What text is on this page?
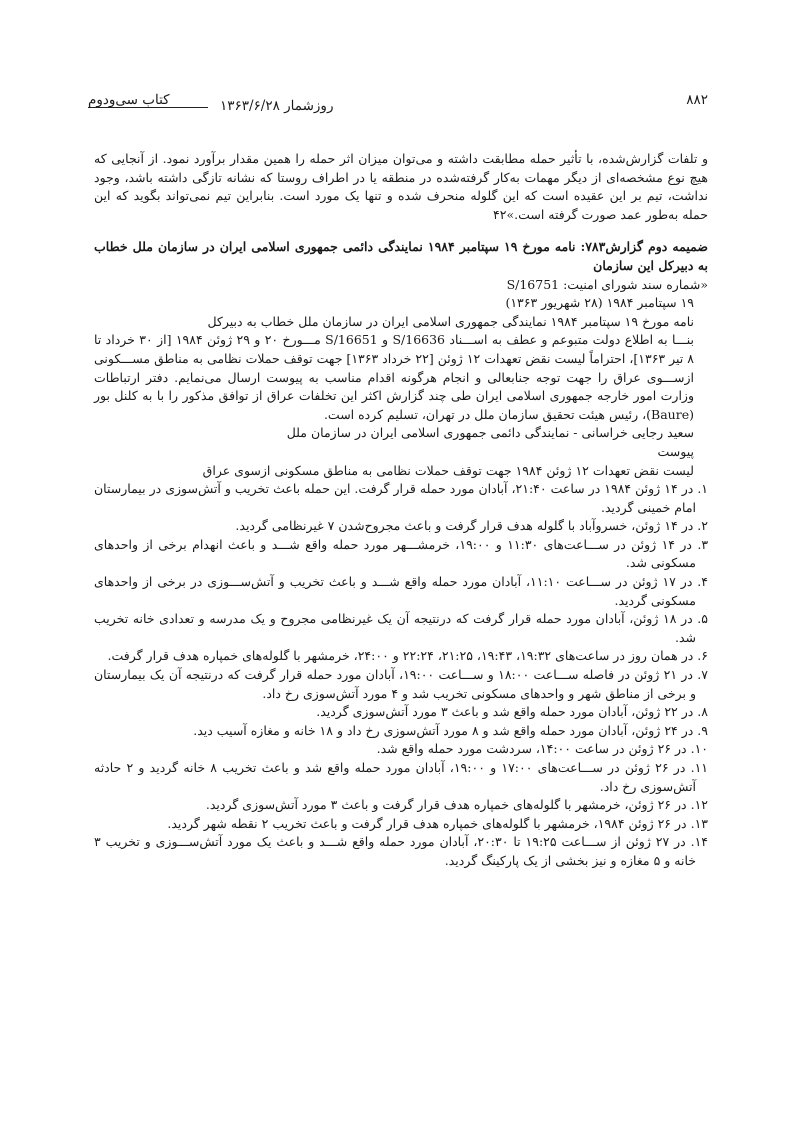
۸۸۲
روزشمار ۱۳۶۳/۶/۲۸
کتاب سی‌ودوم

و تلفات گزارش‌شده، با تأثیر حمله مطابقت داشته و می‌توان میزان اثر حمله را همین مقدار برآورد نمود. از آنجایی که هیچ نوع مشخصه‌ای از دیگر مهمات به‌کار گرفته‌شده در منطقه یا در اطراف روستا که نشانه تازگی داشته باشد، وجود نداشت، تیم بر این عقیده است که این گلوله منحرف شده و تنها یک مورد است. بنابراین تیم نمی‌تواند بگوید که این حمله به‌طور عمد صورت گرفته است.»۴۲

ضمیمه دوم گزارش۷۸۳: نامه مورخ ۱۹ سپتامبر ۱۹۸۴ نمایندگی دائمی جمهوری اسلامی ایران در سازمان ملل خطاب به دبیرکل این سازمان

«شماره سند شورای امنیت: S/16751

۱۹ سپتامبر ۱۹۸۴ (۲۸ شهریور ۱۳۶۳)

نامه مورخ ۱۹ سپتامبر ۱۹۸۴ نمایندگی جمهوری اسلامی ایران در سازمان ملل خطاب به دبیرکل

بنـــا به اطلاع دولت متبوعم و عطف به اســـناد S/16636 و S/16651 مـــورخ ۲۰ و ۲۹ ژوئن ۱۹۸۴ [از ۳۰ خرداد تا ۸ تیر ۱۳۶۳]، احتراماً لیست نقض تعهدات ۱۲ ژوئن [۲۲ خرداد ۱۳۶۳] جهت توقف حملات نظامی به مناطق مســـکونی ازســـوی عراق را جهت توجه جنابعالی و انجام هرگونه اقدام مناسب به پیوست ارسال می‌نمایم. دفتر ارتباطات وزارت امور خارجه جمهوری اسلامی ایران طی چند گزارش اکثر این تخلفات عراق از توافق مذکور را با به کلنل بور (Baure)، رئیس هیئت تحقیق سازمان ملل در تهران، تسلیم کرده است.

سعید رجایی خراسانی - نمایندگی دائمی جمهوری اسلامی ایران در سازمان ملل

پیوست

لیست نقض تعهدات ۱۲ ژوئن ۱۹۸۴ جهت توقف حملات نظامی به مناطق مسکونی ازسوی عراق

۱. در ۱۴ ژوئن ۱۹۸۴ در ساعت ۲۱:۴۰، آبادان مورد حمله قرار گرفت. این حمله باعث تخریب و آتش‌سوزی در بیمارستان امام خمینی گردید.
۲. در ۱۴ ژوئن، خسروآباد با گلوله هدف قرار گرفت و باعث مجروح‌شدن ۷ غیرنظامی گردید.
۳. در ۱۴ ژوئن در ســـاعت‌های ۱۱:۳۰ و ۱۹:۰۰، خرمشـــهر مورد حمله واقع شـــد و باعث انهدام برخی از واحدهای مسکونی شد.
۴. در ۱۷ ژوئن در ســـاعت ۱۱:۱۰، آبادان مورد حمله واقع شـــد و باعث تخریب و آتش‌ســـوزی در برخی از واحدهای مسکونی گردید.
۵. در ۱۸ ژوئن، آبادان مورد حمله قرار گرفت که درنتیجه آن یک غیرنظامی مجروح و یک مدرسه و تعدادی خانه تخریب شد.
۶. در همان روز در ساعت‌های ۱۹:۳۲، ۱۹:۴۳، ۲۱:۲۵، ۲۲:۲۴ و ۲۴:۰۰، خرمشهر با گلوله‌های خمپاره هدف قرار گرفت.
۷. در ۲۱ ژوئن در فاصله ســـاعت ۱۸:۰۰ و ســـاعت ۱۹:۰۰، آبادان مورد حمله قرار گرفت که درنتیجه آن یک بیمارستان و برخی از مناطق شهر و واحدهای مسکونی تخریب شد و ۴ مورد آتش‌سوزی رخ داد.
۸. در ۲۲ ژوئن، آبادان مورد حمله واقع شد و باعث ۳ مورد آتش‌سوزی گردید.
۹. در ۲۴ ژوئن، آبادان مورد حمله واقع شد و ۸ مورد آتش‌سوزی رخ داد و ۱۸ خانه و مغازه آسیب دید.
۱۰. در ۲۶ ژوئن در ساعت ۱۴:۰۰، سردشت مورد حمله واقع شد.
۱۱. در ۲۶ ژوئن در ســـاعت‌های ۱۷:۰۰ و ۱۹:۰۰، آبادان مورد حمله واقع شد و باعث تخریب ۸ خانه گردید و ۲ حادثه آتش‌سوزی رخ داد.
۱۲. در ۲۶ ژوئن، خرمشهر با گلوله‌های خمپاره هدف قرار گرفت و باعث ۳ مورد آتش‌سوزی گردید.
۱۳. در ۲۶ ژوئن ۱۹۸۴، خرمشهر با گلوله‌های خمپاره هدف قرار گرفت و باعث تخریب ۲ نقطه شهر گردید.
۱۴. در ۲۷ ژوئن از ســـاعت ۱۹:۲۵ تا ۲۰:۳۰، آبادان مورد حمله واقع شـــد و باعث یک مورد آتش‌ســـوزی و تخریب ۳ خانه و ۵ مغازه و نیز بخشی از یک پارکینگ گردید.
